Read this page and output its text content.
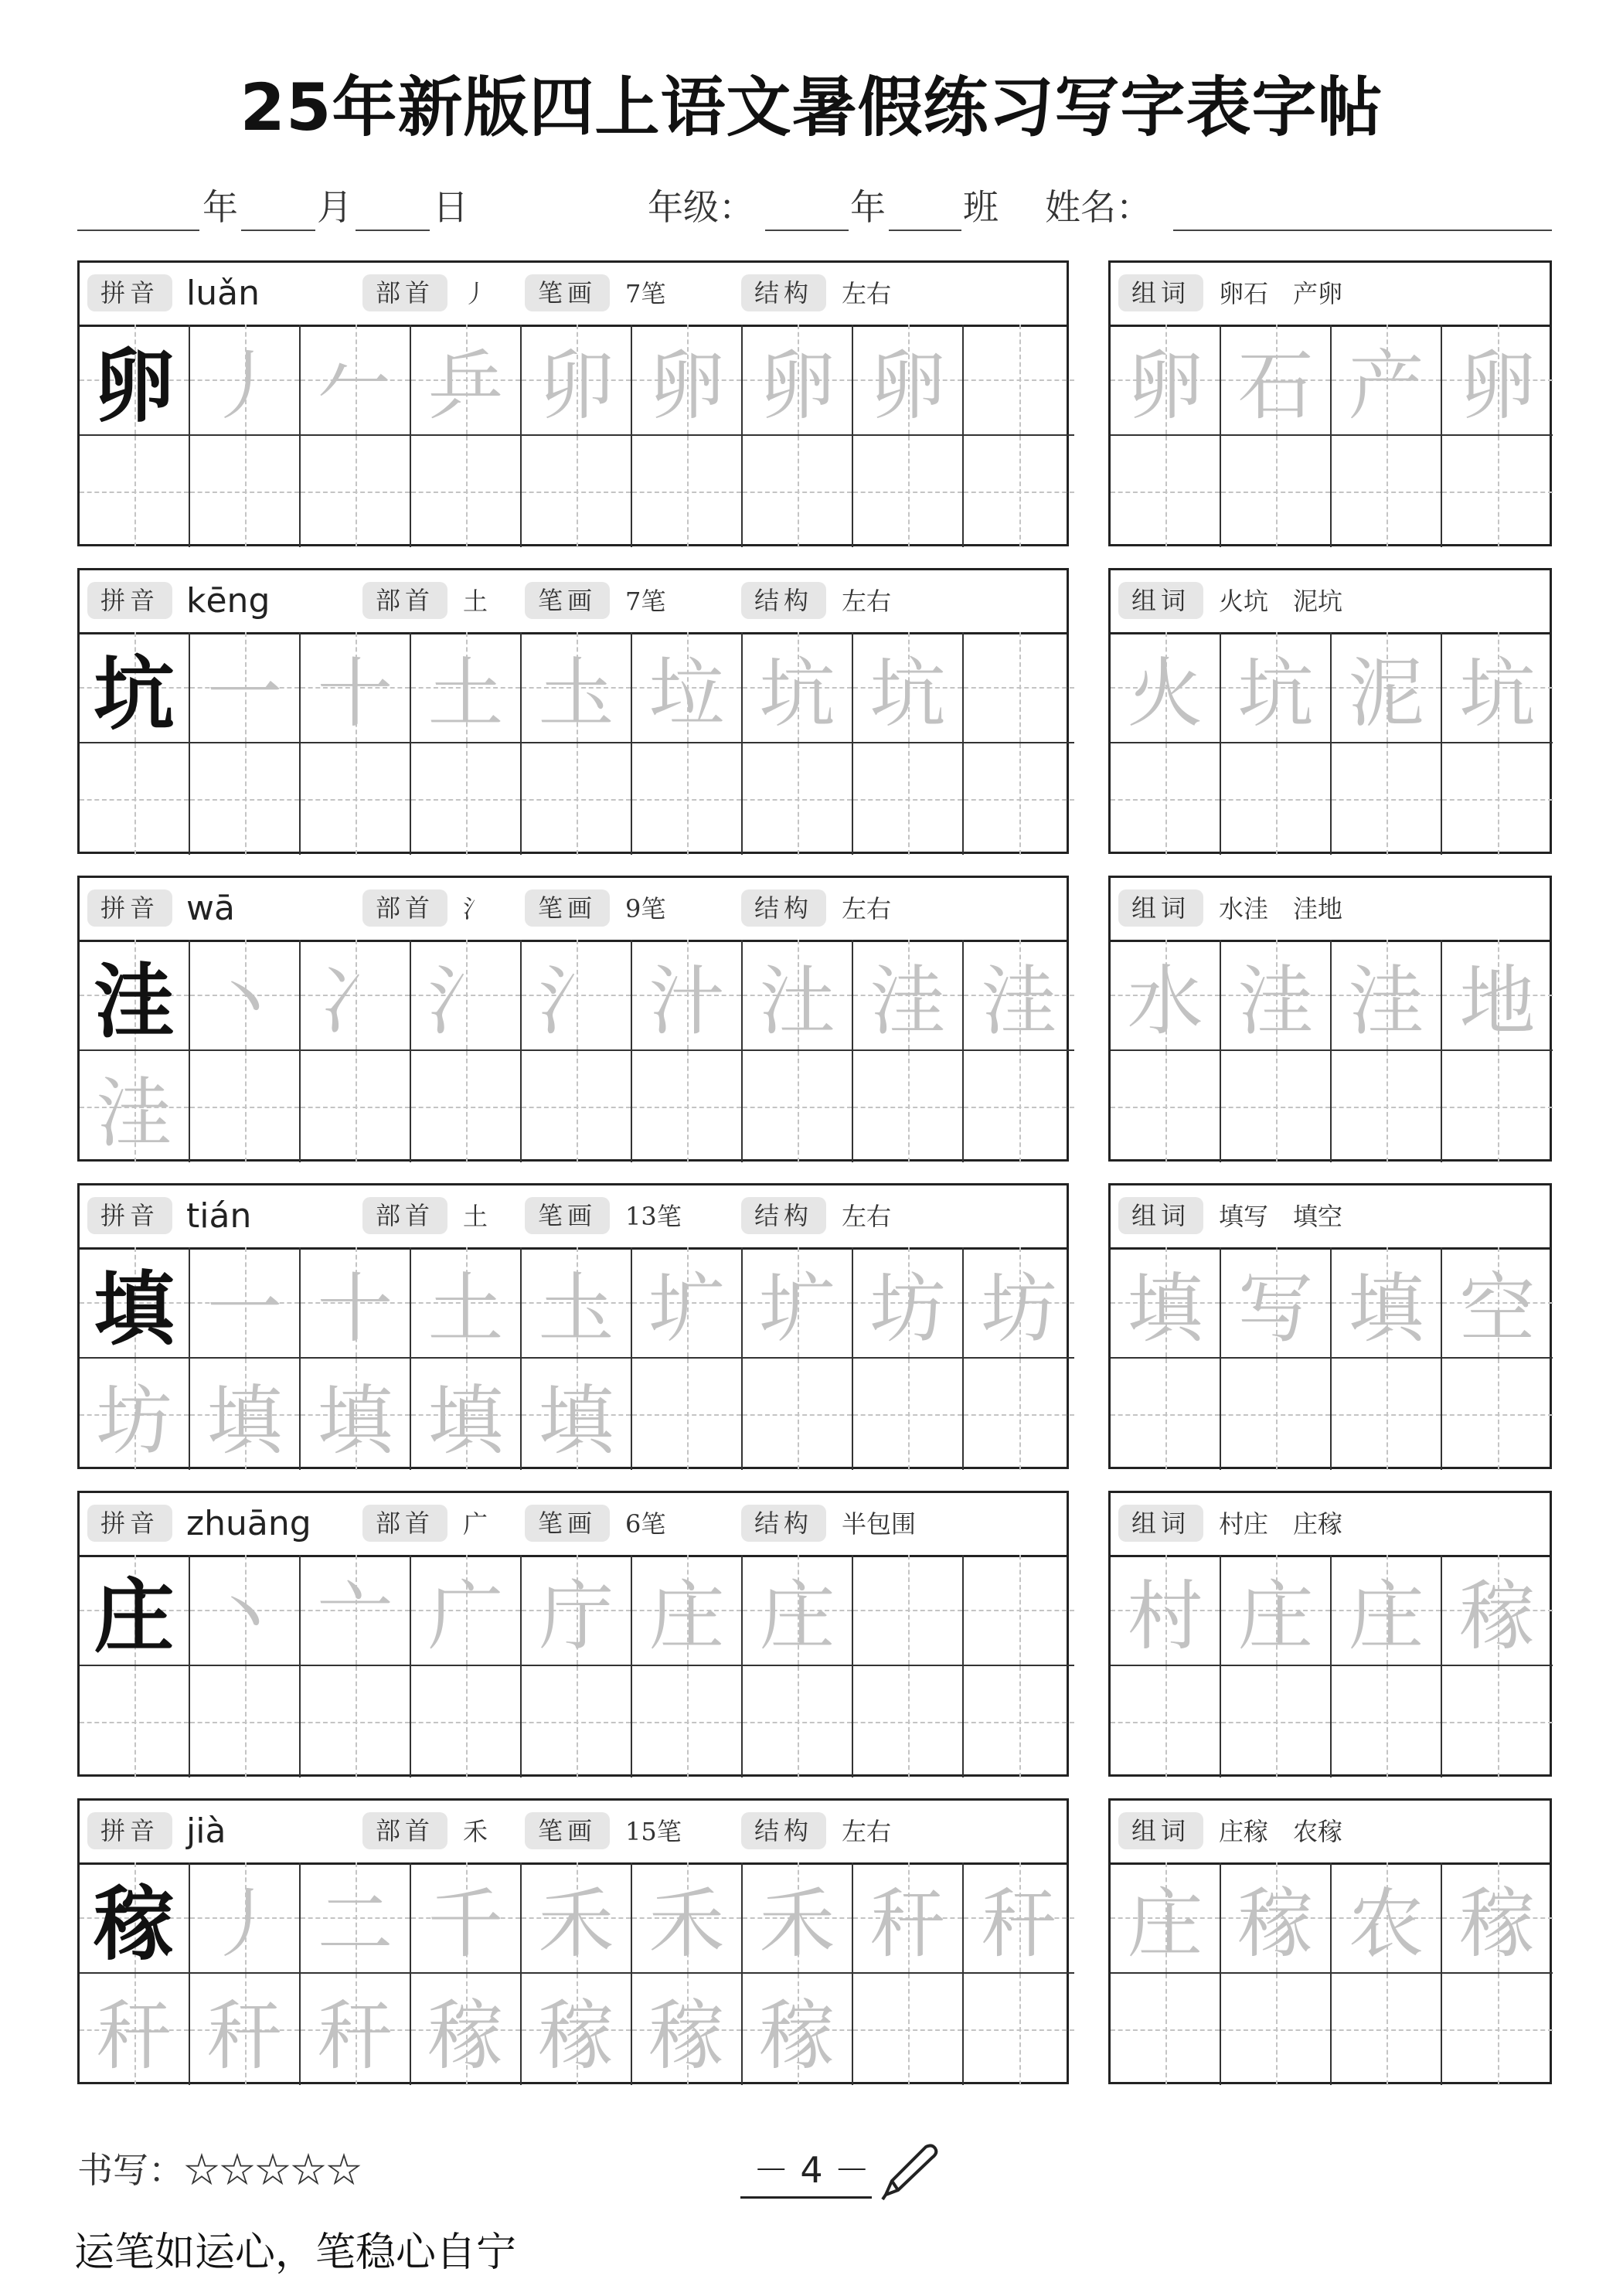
25年新版四上语文暑假练习写字表字帖
年 月 日	年级：	年 班 姓名：
拼音 luǎn	部首	丿	笔画	7笔	结构	左右
卵 丿 𠂉 乒 卯 卵 卵 卵
组词	卵石　产卵
卵 石 产 卵
拼音 kēng	部首	土	笔画	7笔	结构	左右
坑 一 十 土 圡 垃 坑 坑
组词	火坑　泥坑
火 坑 泥 坑
拼音 wā	部首	氵	笔画	9笔	结构	左右
洼 丶 冫 氵 氵 汁 汢 洼 洼
洼
组词	水洼　洼地
水 洼 洼 地
拼音 tián	部首	土	笔画	13笔	结构	左右
填 一 十 土 圡 圹 圹 坊 坊
坊 填 填 填 填
组词	填写　填空
填 写 填 空
拼音 zhuāng	部首	广	笔画	6笔	结构	半包围
庄 丶 亠 广 庁 庄 庄
组词	村庄　庄稼
村 庄 庄 稼
拼音 jià	部首	禾	笔画	15笔	结构	左右
稼 丿 二 千 禾 禾 禾 秆 秆
秆 秆 秆 稼 稼 稼 稼
组词	庄稼　农稼
庄 稼 农 稼
书写：☆☆☆☆☆	－ 4 －
运笔如运心，笔稳心自宁
